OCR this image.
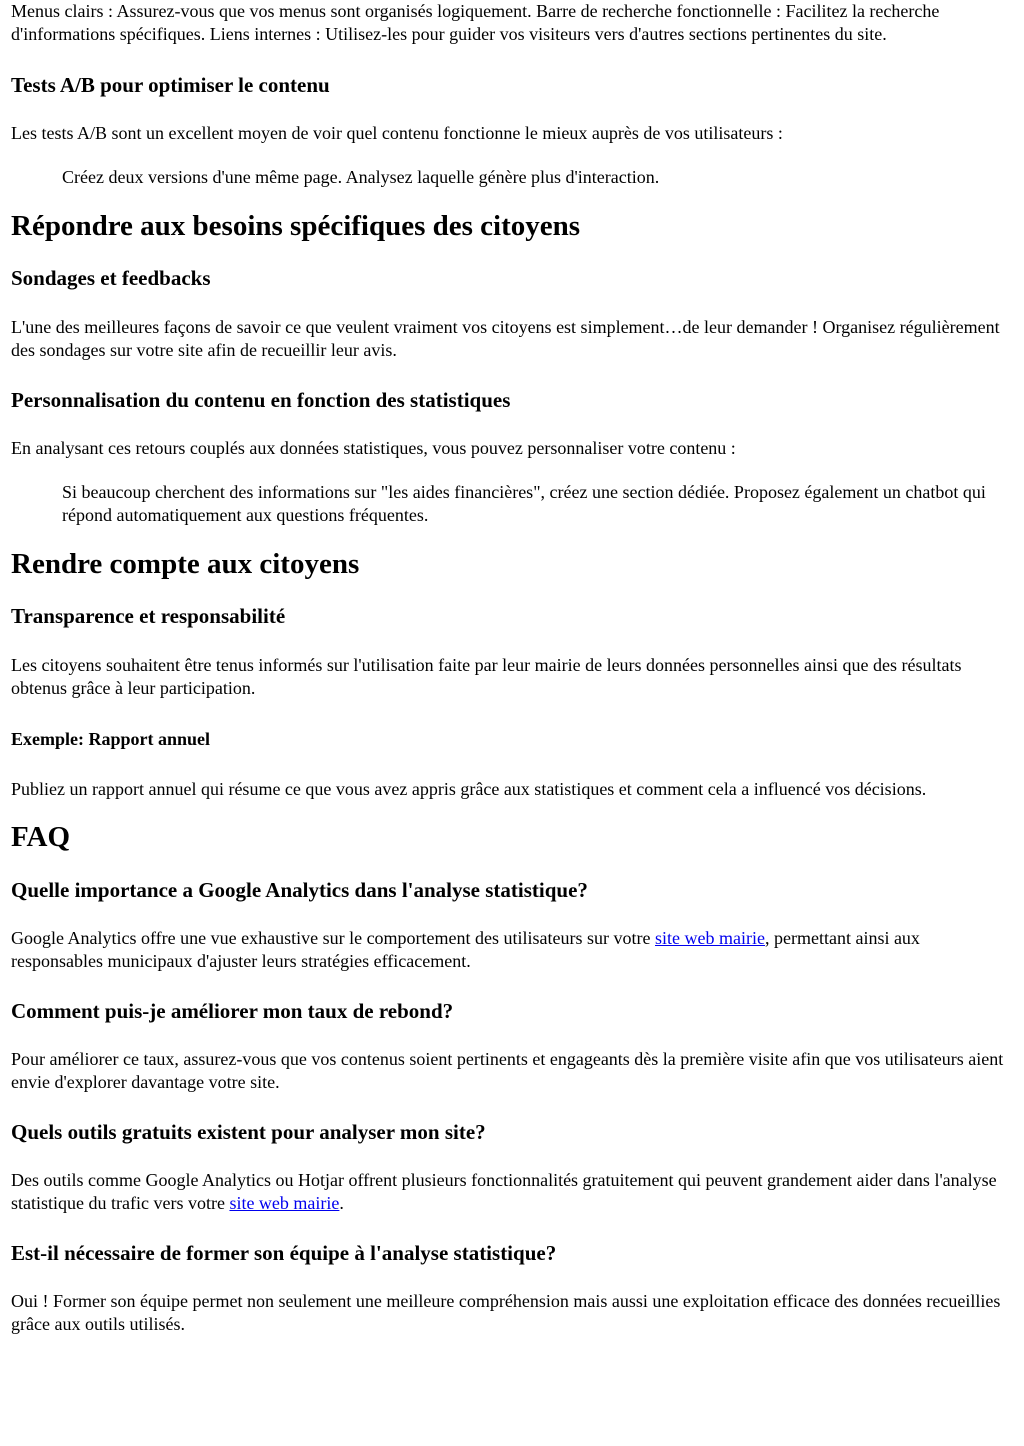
Menus clairs : Assurez-vous que vos menus sont organisés logiquement. Barre de recherche fonctionnelle : Facilitez la recherche d'informations spécifiques. Liens internes : Utilisez-les pour guider vos visiteurs vers d'autres sections pertinentes du site.

Tests A/B pour optimiser le contenu

Les tests A/B sont un excellent moyen de voir quel contenu fonctionne le mieux auprès de vos utilisateurs :

Créez deux versions d'une même page. Analysez laquelle génère plus d'interaction.
Répondre aux besoins spécifiques des citoyens
Sondages et feedbacks

L'une des meilleures façons de savoir ce que veulent vraiment vos citoyens est simplement…de leur demander ! Organisez régulièrement des sondages sur votre site afin de recueillir leur avis.

Personnalisation du contenu en fonction des statistiques

En analysant ces retours couplés aux données statistiques, vous pouvez personnaliser votre contenu :

Si beaucoup cherchent des informations sur "les aides financières", créez une section dédiée. Proposez également un chatbot qui répond automatiquement aux questions fréquentes.
Rendre compte aux citoyens
Transparence et responsabilité

Les citoyens souhaitent être tenus informés sur l'utilisation faite par leur mairie de leurs données personnelles ainsi que des résultats obtenus grâce à leur participation.

Exemple: Rapport annuel

Publiez un rapport annuel qui résume ce que vous avez appris grâce aux statistiques et comment cela a influencé vos décisions.

FAQ
Quelle importance a Google Analytics dans l'analyse statistique?

Google Analytics offre une vue exhaustive sur le comportement des utilisateurs sur votre site web mairie, permettant ainsi aux responsables municipaux d'ajuster leurs stratégies efficacement.

Comment puis-je améliorer mon taux de rebond?

Pour améliorer ce taux, assurez-vous que vos contenus soient pertinents et engageants dès la première visite afin que vos utilisateurs aient envie d'explorer davantage votre site.

Quels outils gratuits existent pour analyser mon site?

Des outils comme Google Analytics ou Hotjar offrent plusieurs fonctionnalités gratuitement qui peuvent grandement aider dans l'analyse statistique du trafic vers votre site web mairie.

Est-il nécessaire de former son équipe à l'analyse statistique?

Oui ! Former son équipe permet non seulement une meilleure compréhension mais aussi une exploitation efficace des données recueillies grâce aux outils utilisés.
